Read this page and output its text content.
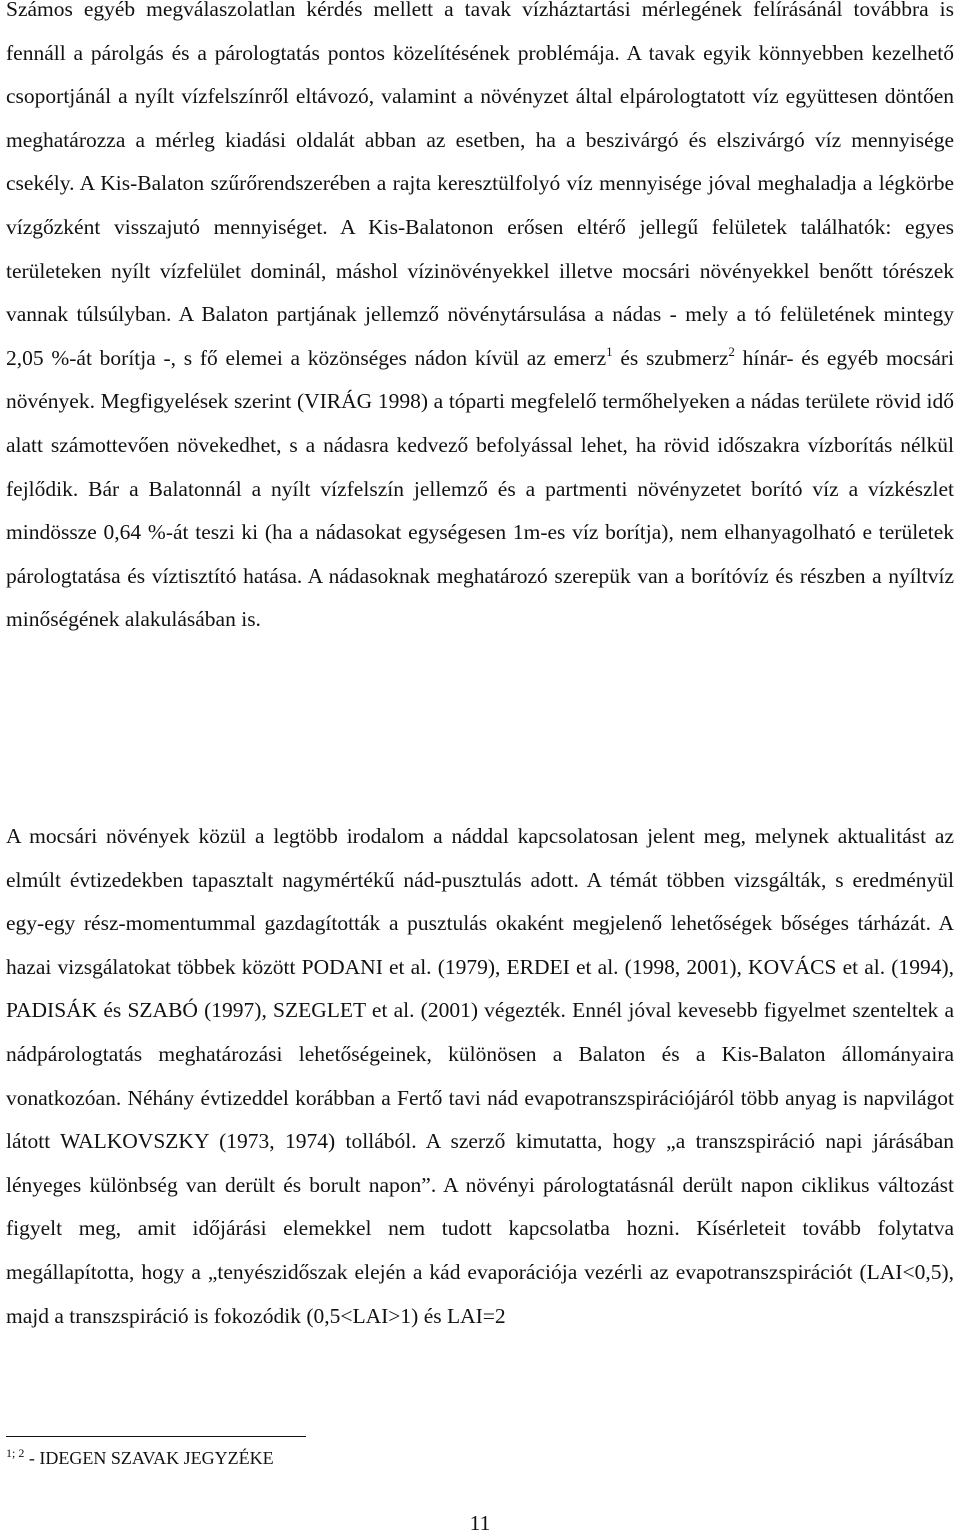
Számos egyéb megválaszolatlan kérdés mellett a tavak vízháztartási mérlegének felírásánál továbbra is fennáll a párolgás és a párologtatás pontos közelítésének problémája. A tavak egyik könnyebben kezelhető csoportjánál a nyílt vízfelszínről eltávozó, valamint a növényzet által elpárologtatott víz együttesen döntően meghatározza a mérleg kiadási oldalát abban az esetben, ha a beszivárgó és elszivárgó víz mennyisége csekély. A Kis-Balaton szűrőrendszerében a rajta keresztülfolyó víz mennyisége jóval meghaladja a légkörbe vízgőzként visszajutó mennyiséget. A Kis-Balatonon erősen eltérő jellegű felületek találhatók: egyes területeken nyílt vízfelület dominál, máshol vízinövényekkel illetve mocsári növényekkel benőtt tórészek vannak túlsúlyban. A Balaton partjának jellemző növénytársulása a nádas - mely a tó felületének mintegy 2,05 %-át borítja -, s fő elemei a közönséges nádon kívül az emerz$^1$ és szubmerz$^2$ hínár- és egyéb mocsári növények. Megfigyelések szerint (VIRÁG 1998) a tóparti megfelelő termőhelyeken a nádas területe rövid idő alatt számottevően növekedhet, s a nádasra kedvező befolyással lehet, ha rövid időszakra vízborítás nélkül fejlődik. Bár a Balatonnál a nyílt vízfelszín jellemző és a partmenti növényzetet borító víz a vízkészlet mindössze 0,64 %-át teszi ki (ha a nádasokat egységesen 1m-es víz borítja), nem elhanyagolható e területek párologtatása és víztisztító hatása. A nádasoknak meghatározó szerepük van a borítóvíz és részben a nyíltvíz minőségének alakulásában is.

A mocsári növények közül a legtöbb irodalom a náddal kapcsolatosan jelent meg, melynek aktualitást az elmúlt évtizedekben tapasztalt nagymértékű nád-pusztulás adott. A témát többen vizsgálták, s eredményül egy-egy rész-momentummal gazdagították a pusztulás okaként megjelenő lehetőségek bőséges tárházát. A hazai vizsgálatokat többek között PODANI et al. (1979), ERDEI et al. (1998, 2001), KOVÁCS et al. (1994), PADISÁK és SZABÓ (1997), SZEGLET et al. (2001) végezték. Ennél jóval kevesebb figyelmet szenteltek a nádpárologtatás meghatározási lehetőségeinek, különösen a Balaton és a Kis-Balaton állományaira vonatkozóan. Néhány évtizeddel korábban a Fertő tavi nád evapotranszspirációjáról több anyag is napvilágot látott WALKOVSZKY (1973, 1974) tollából. A szerző kimutatta, hogy „a transzspiráció napi járásában lényeges különbség van derült és borult napon”. A növényi párologtatásnál derült napon ciklikus változást figyelt meg, amit időjárási elemekkel nem tudott kapcsolatba hozni. Kísérleteit tovább folytatva megállapította, hogy a „tenyészidőszak elején a kád evaporációja vezérli az evapotranszspirációt (LAI<0,5), majd a transzspiráció is fokozódik (0,5<LAI>1) és LAI=2

$^{1; 2}$ - IDEGEN SZAVAK JEGYZÉKE
11
